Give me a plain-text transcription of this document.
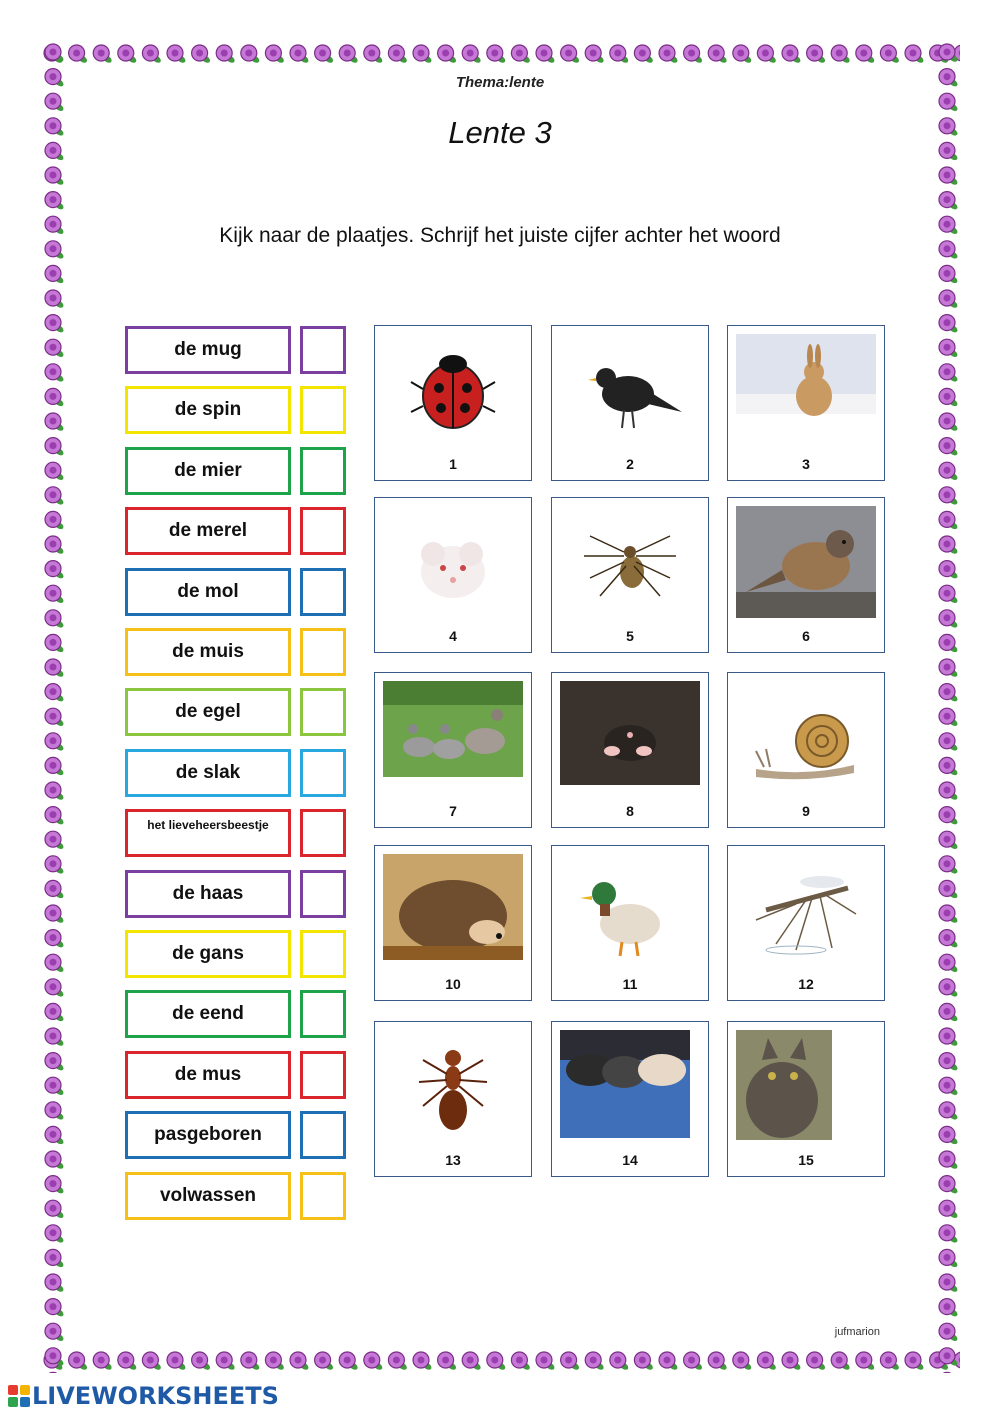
Thema:lente
Lente 3
Kijk naar de plaatjes. Schrijf het juiste cijfer achter het woord
de mug
de spin
de mier
de merel
de mol
de muis
de egel
de slak
het lieveheersbeestje
de haas
de gans
de eend
de mus
pasgeboren
volwassen
1	2	3
4	5	6
7	8	9
10	11	12
13	14	15
jufmarion
LIVEWORKSHEETS
